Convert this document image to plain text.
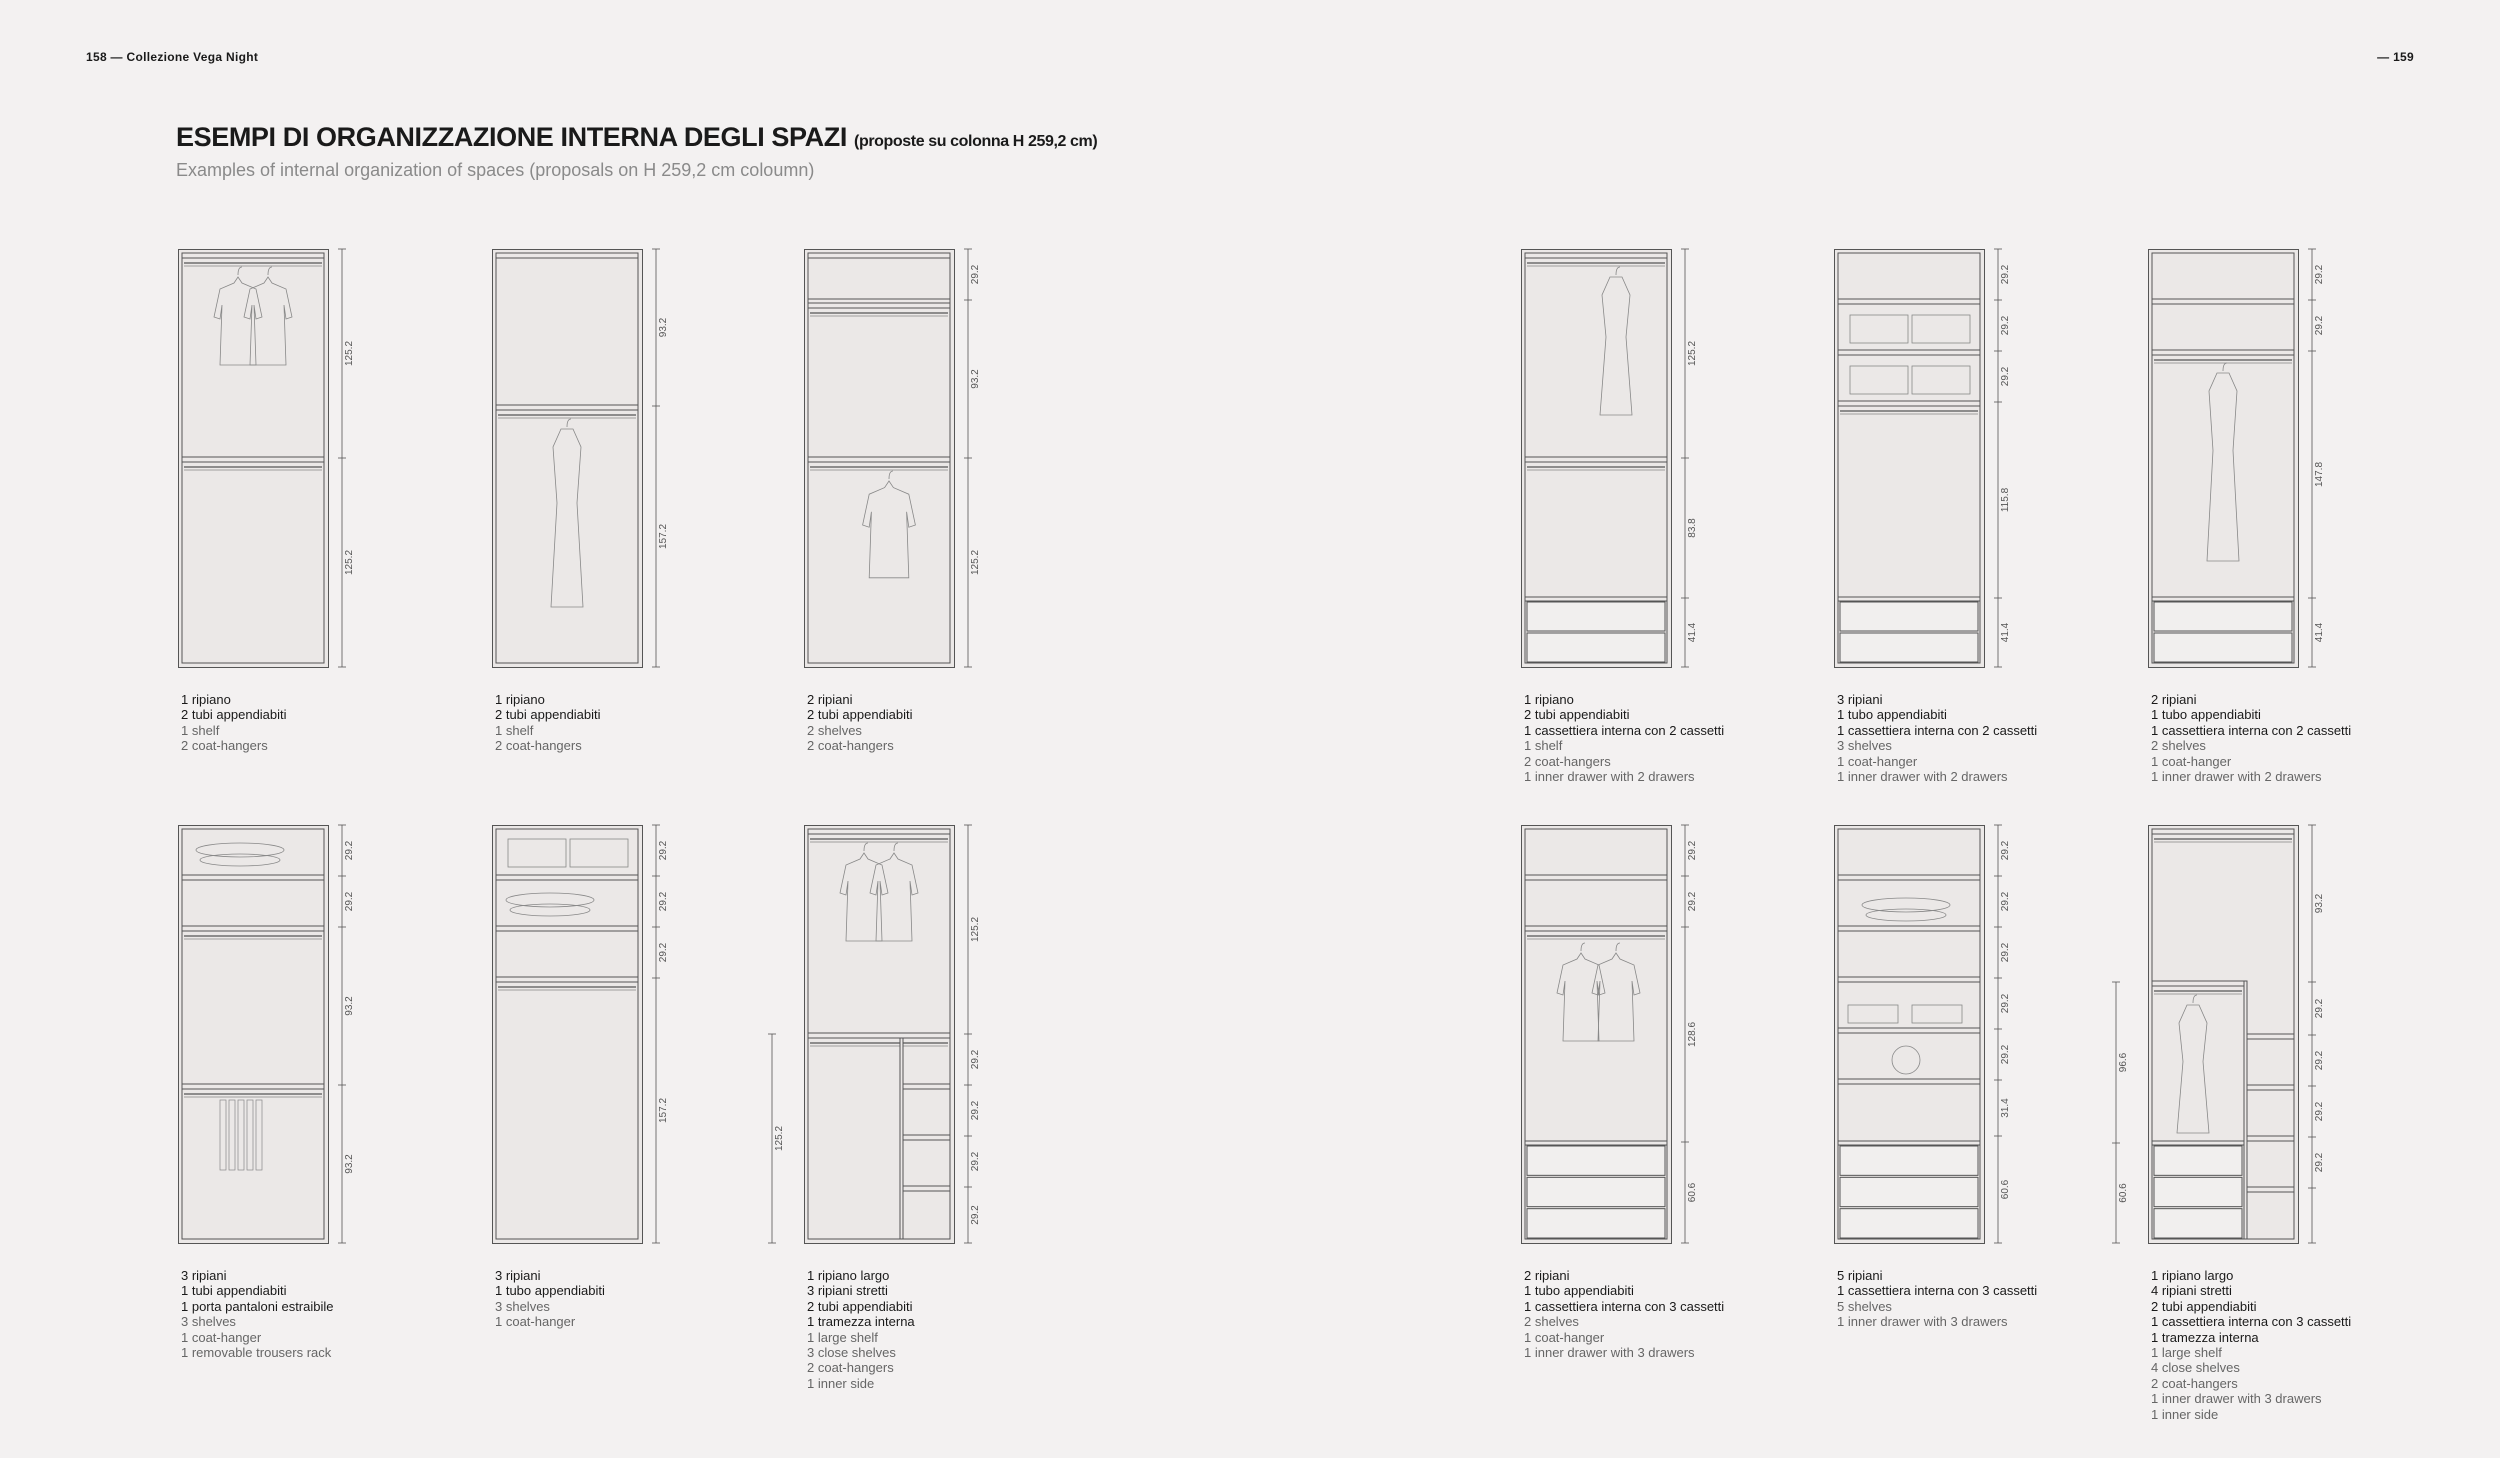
158 — Collezione Vega Night	— 159
ESEMPI DI ORGANIZZAZIONE INTERNA DEGLI SPAZI (proposte su colonna H 259,2 cm)
Examples of internal organization of spaces (proposals on H 259,2 cm coloumn)
125.2
125.2
1 ripiano
2 tubi appendiabiti
1 shelf
2 coat-hangers
93.2
157.2
1 ripiano
2 tubi appendiabiti
1 shelf
2 coat-hangers
29.2
93.2
125.2
2 ripiani
2 tubi appendiabiti
2 shelves
2 coat-hangers
125.2
83.8
41.4
1 ripiano
2 tubi appendiabiti
1 cassettiera interna con 2 cassetti
1 shelf
2 coat-hangers
1 inner drawer with 2 drawers
29.2
29.2
29.2
115.8
41.4
3 ripiani
1 tubo appendiabiti
1 cassettiera interna con 2 cassetti
3 shelves
1 coat-hanger
1 inner drawer with 2 drawers
29.2
29.2
147.8
41.4
2 ripiani
1 tubo appendiabiti
1 cassettiera interna con 2 cassetti
2 shelves
1 coat-hanger
1 inner drawer with 2 drawers
29.2
29.2
93.2
93.2
3 ripiani
1 tubi appendiabiti
1 porta pantaloni estraibile
3 shelves
1 coat-hanger
1 removable trousers rack
29.2
29.2
29.2
157.2
3 ripiani
1 tubo appendiabiti
3 shelves
1 coat-hanger
125.2
29.2
29.2
29.2
29.2
125.2
1 ripiano largo
3 ripiani stretti
2 tubi appendiabiti
1 tramezza interna
1 large shelf
3 close shelves
2 coat-hangers
1 inner side
29.2
29.2
128.6
60.6
2 ripiani
1 tubo appendiabiti
1 cassettiera interna con 3 cassetti
2 shelves
1 coat-hanger
1 inner drawer with 3 drawers
29.2
29.2
29.2
29.2
29.2
31.4
60.6
5 ripiani
1 cassettiera interna con 3 cassetti
5 shelves
1 inner drawer with 3 drawers
93.2
29.2
29.2
29.2
29.2
96.6
60.6
1 ripiano largo
4 ripiani stretti
2 tubi appendiabiti
1 cassettiera interna con 3 cassetti
1 tramezza interna
1 large shelf
4 close shelves
2 coat-hangers
1 inner drawer with 3 drawers
1 inner side
